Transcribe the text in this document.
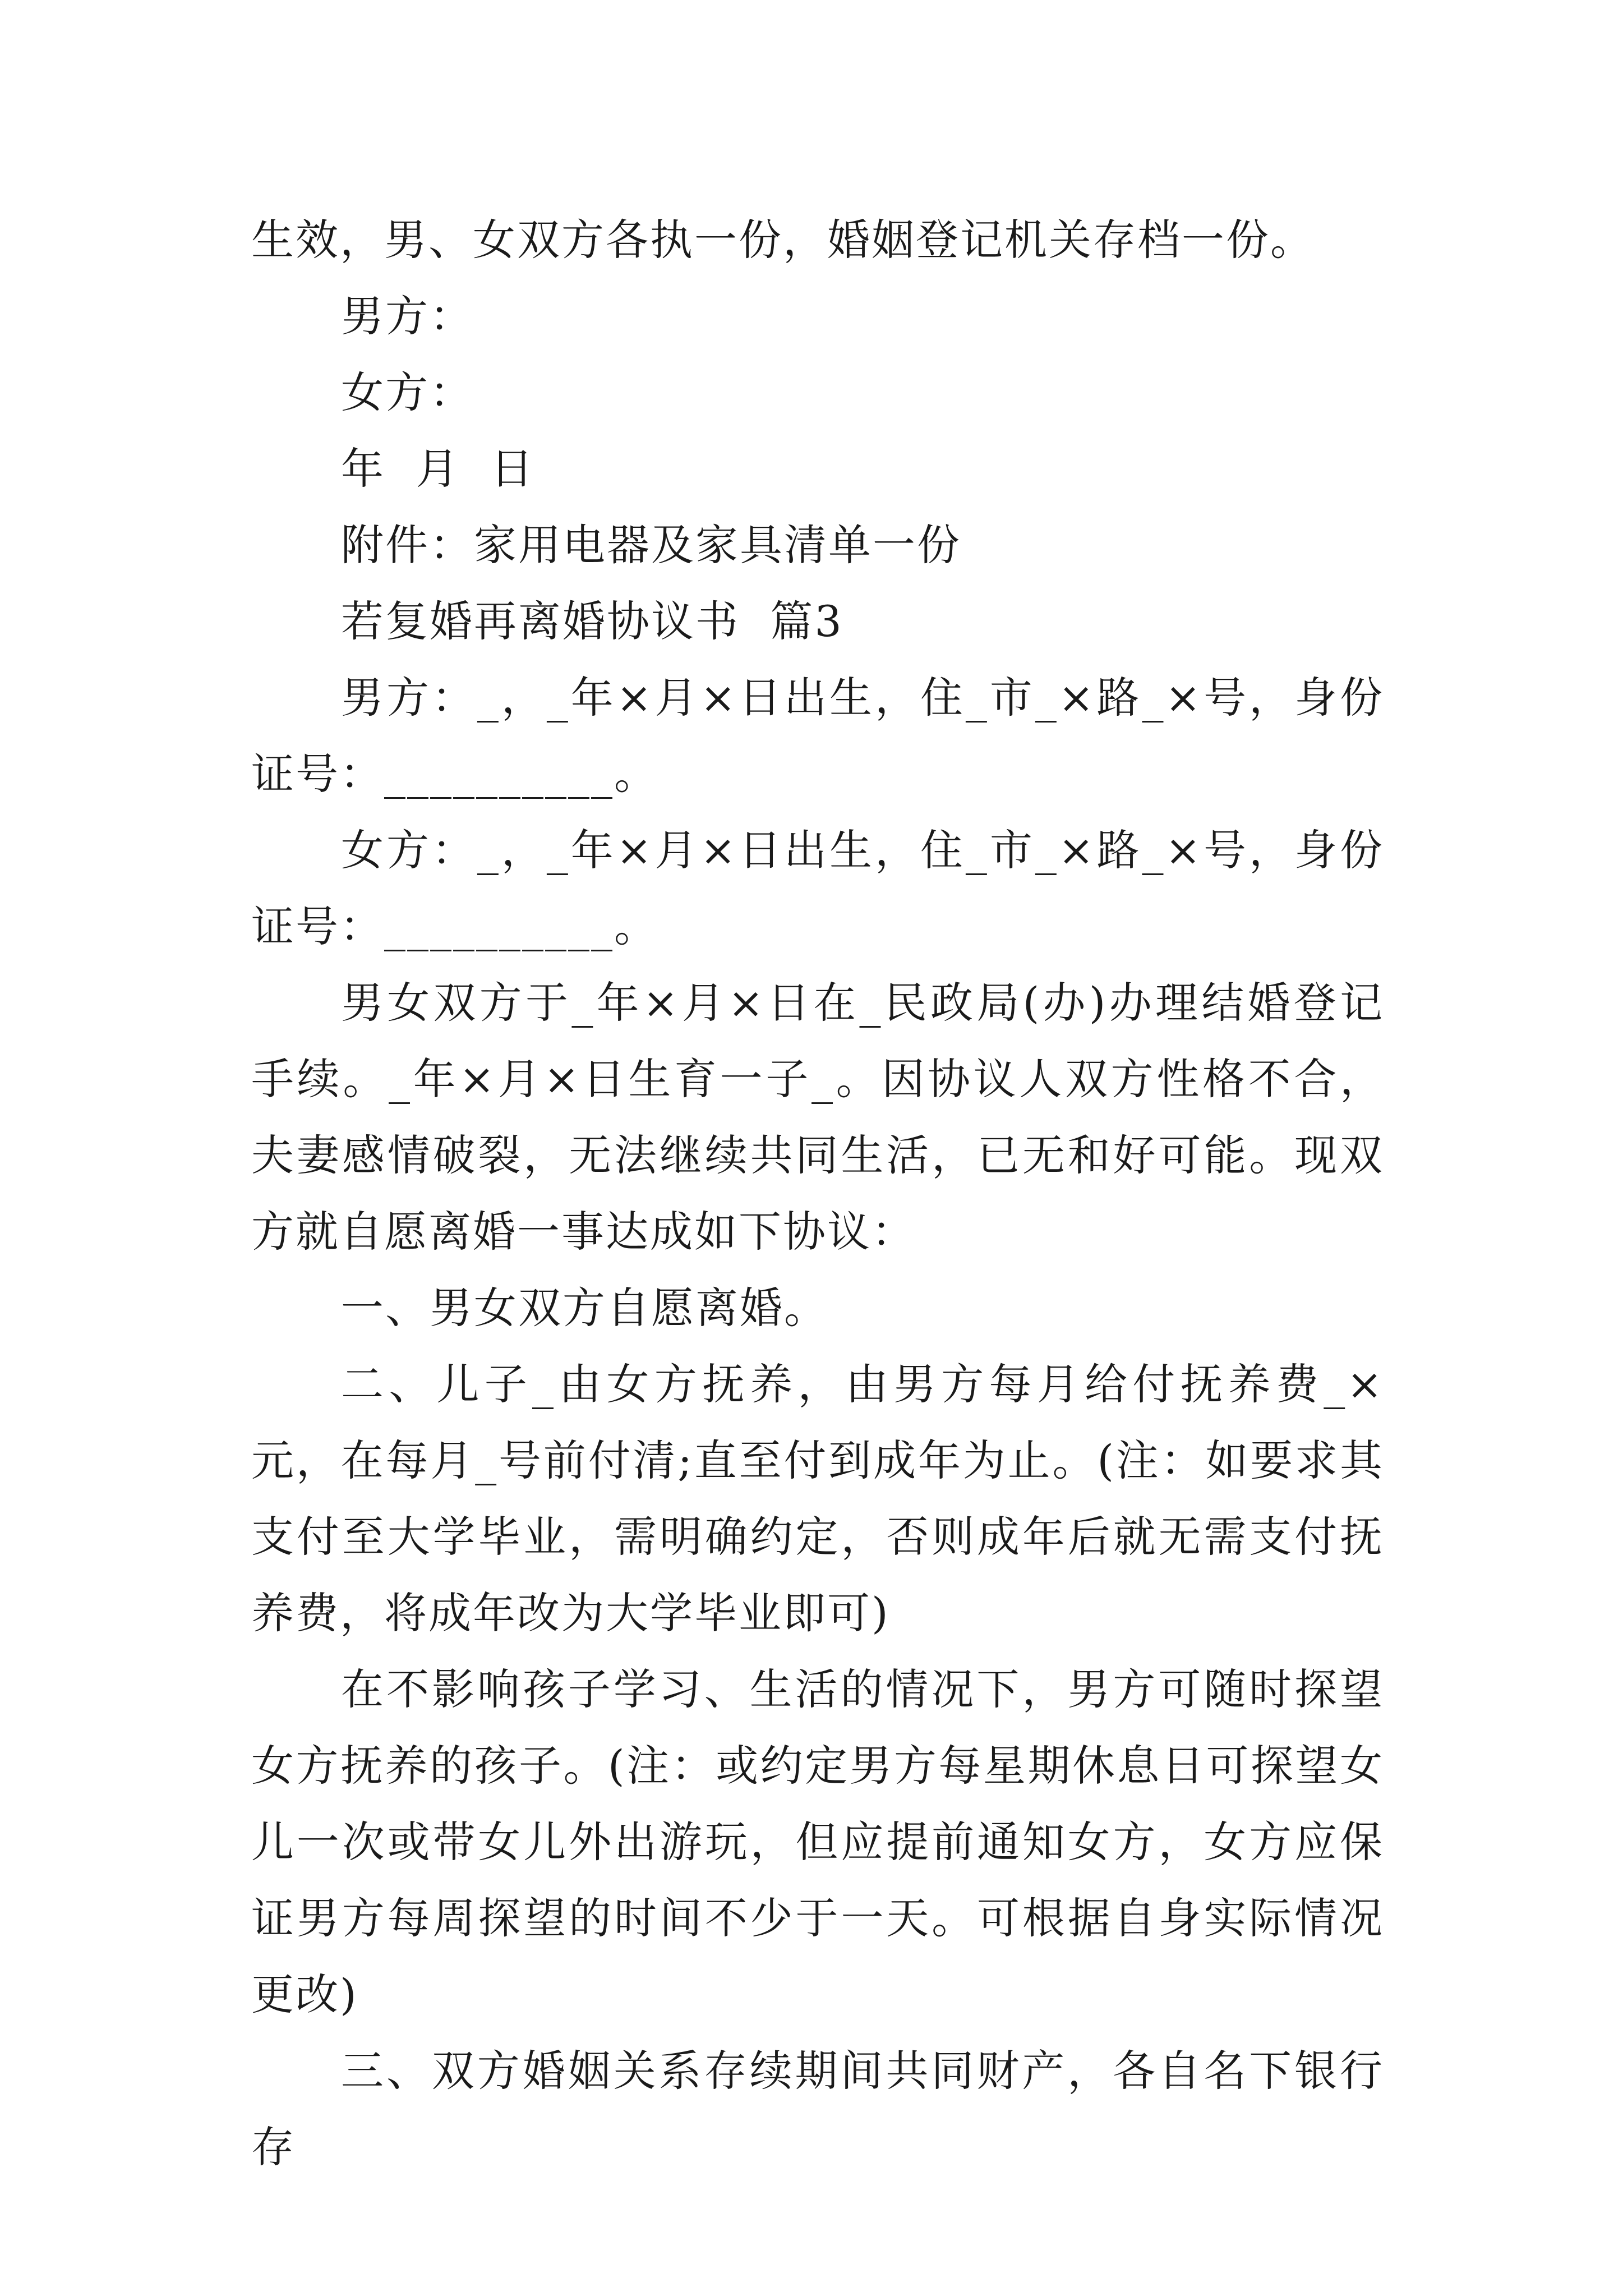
生效，男、女双方各执一份，婚姻登记机关存档一份。

男方：

女方：

年  月  日

附件：家用电器及家具清单一份

若复婚再离婚协议书  篇3

男方：_，_年×月×日出生，住_市_×路_×号，身份证号：__________。

女方：_，_年×月×日出生，住_市_×路_×号，身份证号：__________。

男女双方于_年×月×日在_民政局(办)办理结婚登记手续。_年×月×日生育一子_。因协议人双方性格不合，夫妻感情破裂，无法继续共同生活，已无和好可能。现双方就自愿离婚一事达成如下协议：

一、男女双方自愿离婚。

二、儿子_由女方抚养，由男方每月给付抚养费_×元，在每月_号前付清;直至付到成年为止。(注：如要求其支付至大学毕业，需明确约定，否则成年后就无需支付抚养费，将成年改为大学毕业即可)

在不影响孩子学习、生活的情况下，男方可随时探望女方抚养的孩子。(注：或约定男方每星期休息日可探望女儿一次或带女儿外出游玩，但应提前通知女方，女方应保证男方每周探望的时间不少于一天。可根据自身实际情况更改)

三、双方婚姻关系存续期间共同财产，各自名下银行存
